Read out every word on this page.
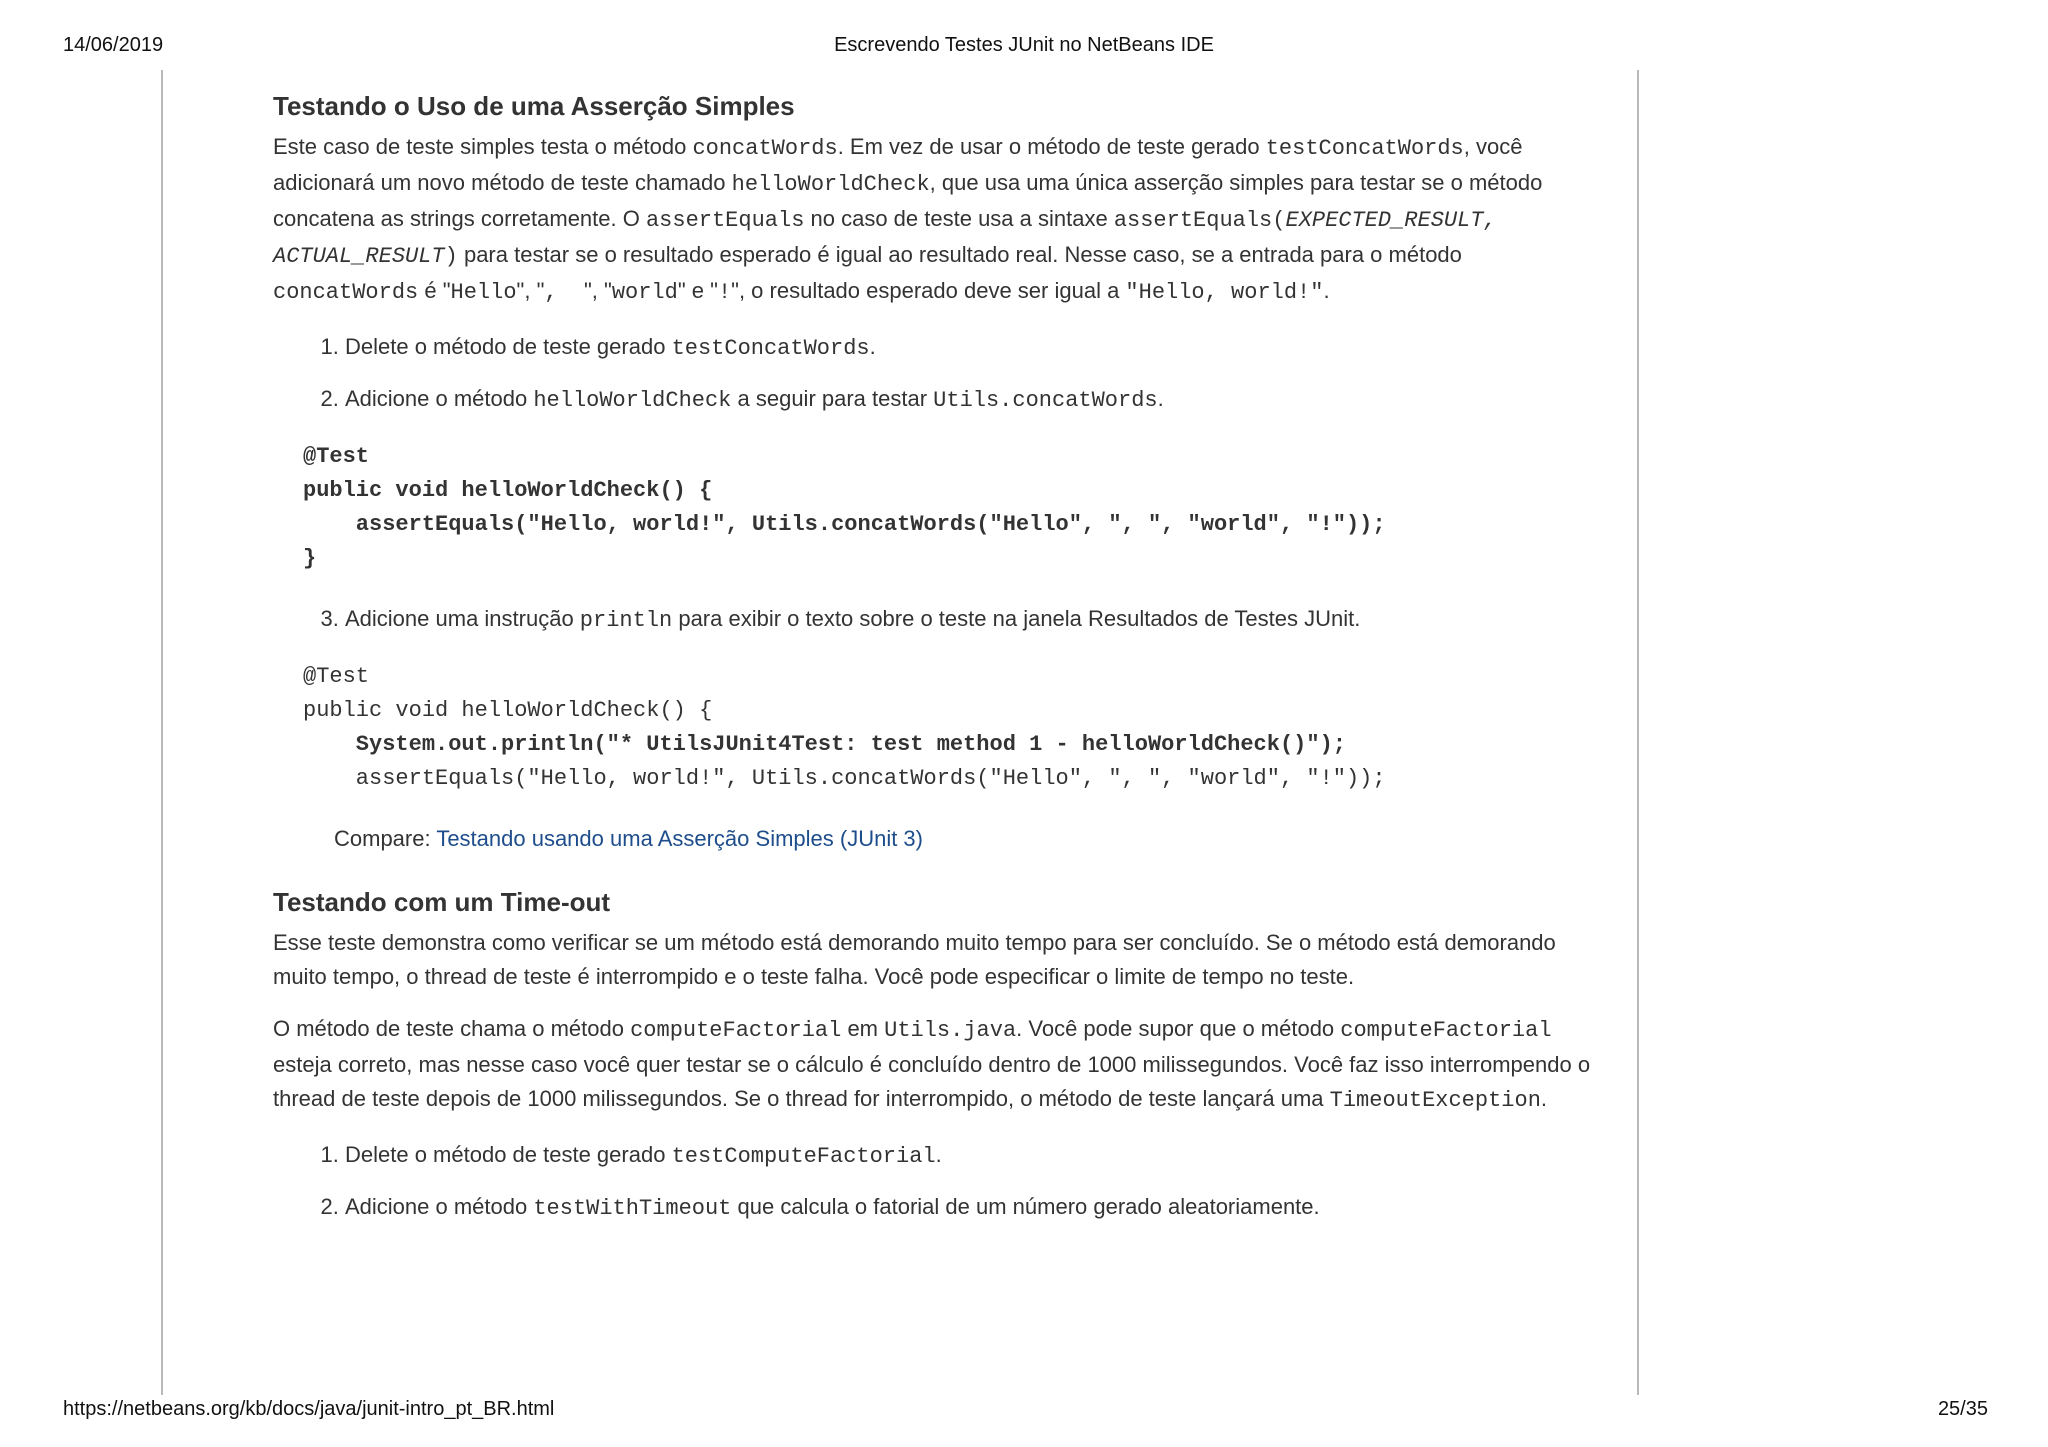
14/06/2019	Escrevendo Testes JUnit no NetBeans IDE
Testando o Uso de uma Asserção Simples

Este caso de teste simples testa o método concatWords. Em vez de usar o método de teste gerado testConcatWords, você adicionará um novo método de teste chamado helloWorldCheck, que usa uma única asserção simples para testar se o método concatena as strings corretamente. O assertEquals no caso de teste usa a sintaxe assertEquals(EXPECTED_RESULT, ACTUAL_RESULT) para testar se o resultado esperado é igual ao resultado real. Nesse caso, se a entrada para o método concatWords é "Hello", ",  ", "world" e "!", o resultado esperado deve ser igual a "Hello, world!".

1. Delete o método de teste gerado testConcatWords.
2. Adicione o método helloWorldCheck a seguir para testar Utils.concatWords.
@Test
public void helloWorldCheck() {
assertEquals("Hello, world!", Utils.concatWords("Hello", ", ", "world", "!"));
}
3. Adicione uma instrução println para exibir o texto sobre o teste na janela Resultados de Testes JUnit.
@Test
public void helloWorldCheck() {
System.out.println("* UtilsJUnit4Test: test method 1 - helloWorldCheck()");
assertEquals("Hello, world!", Utils.concatWords("Hello", ", ", "world", "!"));
Compare: Testando usando uma Asserção Simples (JUnit 3)
Testando com um Time-out

Esse teste demonstra como verificar se um método está demorando muito tempo para ser concluído. Se o método está demorando muito tempo, o thread de teste é interrompido e o teste falha. Você pode especificar o limite de tempo no teste.

O método de teste chama o método computeFactorial em Utils.java. Você pode supor que o método computeFactorial esteja correto, mas nesse caso você quer testar se o cálculo é concluído dentro de 1000 milissegundos. Você faz isso interrompendo o thread de teste depois de 1000 milissegundos. Se o thread for interrompido, o método de teste lançará uma TimeoutException.

1. Delete o método de teste gerado testComputeFactorial.
2. Adicione o método testWithTimeout que calcula o fatorial de um número gerado aleatoriamente.
https://netbeans.org/kb/docs/java/junit-intro_pt_BR.html	25/35
